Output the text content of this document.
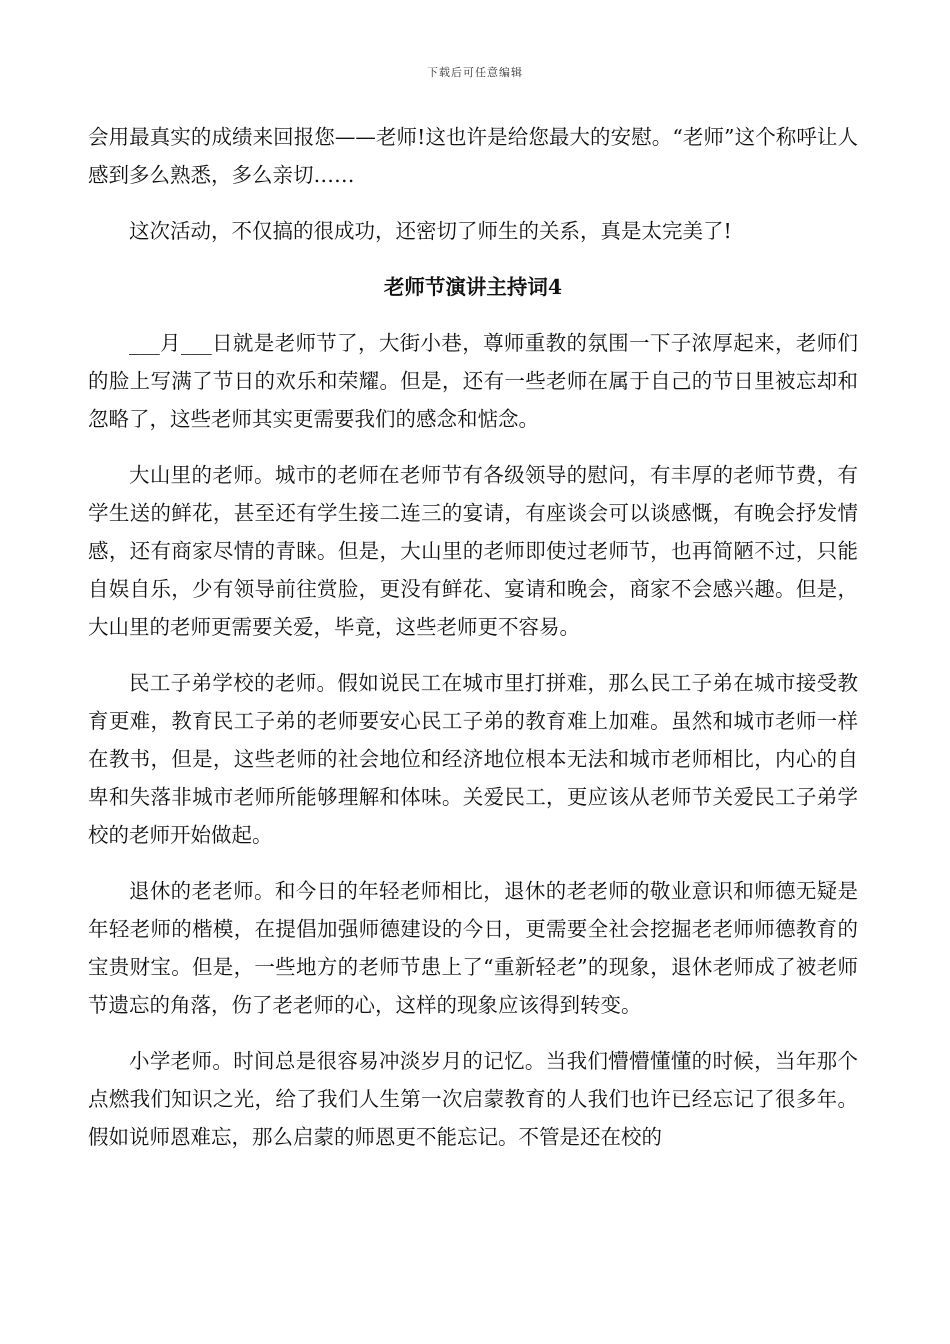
下载后可任意编辑

会用最真实的成绩来回报您——老师!这也许是给您最大的安慰。“老师”这个称呼让人感到多么熟悉，多么亲切……

这次活动，不仅搞的很成功，还密切了师生的关系，真是太完美了!

老师节演讲主持词4

___月___日就是老师节了，大街小巷，尊师重教的氛围一下子浓厚起来，老师们的脸上写满了节日的欢乐和荣耀。但是，还有一些老师在属于自己的节日里被忘却和忽略了，这些老师其实更需要我们的感念和惦念。

大山里的老师。城市的老师在老师节有各级领导的慰问，有丰厚的老师节费，有学生送的鲜花，甚至还有学生接二连三的宴请，有座谈会可以谈感慨，有晚会抒发情感，还有商家尽情的青睐。但是，大山里的老师即使过老师节，也再简陋不过，只能自娱自乐，少有领导前往赏脸，更没有鲜花、宴请和晚会，商家不会感兴趣。但是，大山里的老师更需要关爱，毕竟，这些老师更不容易。

民工子弟学校的老师。假如说民工在城市里打拼难，那么民工子弟在城市接受教育更难，教育民工子弟的老师要安心民工子弟的教育难上加难。虽然和城市老师一样在教书，但是，这些老师的社会地位和经济地位根本无法和城市老师相比，内心的自卑和失落非城市老师所能够理解和体味。关爱民工，更应该从老师节关爱民工子弟学校的老师开始做起。

退休的老老师。和今日的年轻老师相比，退休的老老师的敬业意识和师德无疑是年轻老师的楷模，在提倡加强师德建设的今日，更需要全社会挖掘老老师师德教育的宝贵财宝。但是，一些地方的老师节患上了“重新轻老”的现象，退休老师成了被老师节遗忘的角落，伤了老老师的心，这样的现象应该得到转变。

小学老师。时间总是很容易冲淡岁月的记忆。当我们懵懵懂懂的时候，当年那个点燃我们知识之光，给了我们人生第一次启蒙教育的人我们也许已经忘记了很多年。假如说师恩难忘，那么启蒙的师恩更不能忘记。不管是还在校的
